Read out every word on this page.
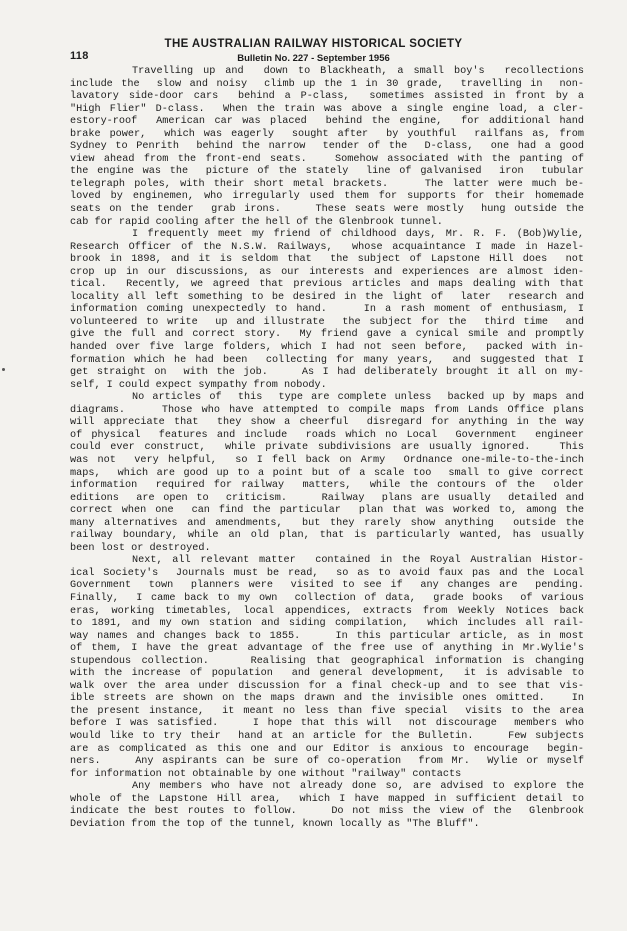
118
THE AUSTRALIAN RAILWAY HISTORICAL SOCIETY
Bulletin No. 227 - September 1956
Travelling up and  down to Blackheath, a small boy's  recollections
include the  slow and noisy  climb up the 1 in 30 grade,  travelling in  non-
lavatory side-door cars  behind a P-class,  sometimes assisted in front by a
"High Flier" D-class.  When the train was above a single engine load, a cler-
estory-roof  American car was placed  behind the engine,  for additional hand
brake power,  which was eagerly  sought after  by youthful  railfans as, from
Sydney to Penrith  behind the narrow  tender of the  D-class,  one had a good
view ahead from the front-end seats.   Somehow associated with the panting of
the engine was the  picture of the stately  line of galvanised  iron  tubular
telegraph poles, with their short metal brackets.    The latter were much be-
loved by enginemen, who irregularly used them for supports for their homemade
seats on the tender  grab irons.    These seats were mostly  hung outside the
cab for rapid cooling after the hell of the Glenbrook tunnel.
I frequently meet my friend of childhood days, Mr. R. F. (Bob)Wylie,
Research Officer of the N.S.W. Railways,  whose acquaintance I made in Hazel-
brook in 1898, and it is seldom that  the subject of Lapstone Hill does  not
crop up in our discussions, as our interests and experiences are almost iden-
tical.  Recently, we agreed that previous articles and maps dealing with that
locality all left something to be desired in the light of  later  research and
information coming unexpectedly to hand.    In a rash moment of enthusiasm, I
volunteered to write  up and illustrate  the subject for the  third time  and
give the full and correct story.  My friend gave a cynical smile and promptly
handed over five large folders, which I had not seen before,  packed with in-
formation which he had been  collecting for many years,  and suggested that I
get straight on  with the job.    As I had deliberately brought it all on my-
self, I could expect sympathy from nobody.
No articles of  this  type are complete unless  backed up by maps and
diagrams.    Those who have attempted to compile maps from Lands Office plans
will appreciate that  they show a cheerful  disregard for anything in the way
of physical  features and include  roads which no Local  Government  engineer
could ever construct,  while private subdivisions are usually ignored.   This
was not  very helpful,  so I fell back on Army  Ordnance one-mile-to-the-inch
maps,  which are good up to a point but of a scale too  small to give correct
information  required for railway  matters,  while the contours of the  older
editions  are open to  criticism.    Railway  plans are usually  detailed and
correct when one  can find the particular  plan that was worked to, among the
many alternatives and amendments,  but they rarely show anything  outside the
railway boundary, while an old plan, that is particularly wanted, has usually
been lost or destroyed.
Next, all relevant matter  contained in the Royal Australian Histor-
ical Society's  Journals must be read,  so as to avoid faux pas and the Local
Government  town  planners were  visited to see if  any changes are  pending.
Finally,  I came back to my own  collection of data,  grade books  of various
eras, working timetables, local appendices, extracts from Weekly Notices back
to 1891, and my own station and siding compilation,  which includes all rail-
way names and changes back to 1855.    In this particular article, as in most
of them, I have the great advantage of the free use of anything in Mr.Wylie's
stupendous collection.    Realising that geographical information is changing
with the increase of population  and general development,  it is advisable to
walk over the area under discussion for a final check-up and to see that vis-
ible streets are shown on the maps drawn and the invisible ones omitted.   In
the present instance,  it meant no less than five special  visits to the area
before I was satisfied.    I hope that this will  not discourage  members who
would like to try their  hand at an article for the Bulletin.    Few subjects
are as complicated as this one and our Editor is anxious to encourage  begin-
ners.    Any aspirants can be sure of co-operation  from Mr.  Wylie or myself
for information not obtainable by one without "railway" contacts
Any members who have not already done so, are advised to explore the
whole of the Lapstone Hill area,  which I have mapped in sufficient detail to
indicate the best routes to follow.    Do not miss the view of the  Glenbrook
Deviation from the top of the tunnel, known locally as "The Bluff".
